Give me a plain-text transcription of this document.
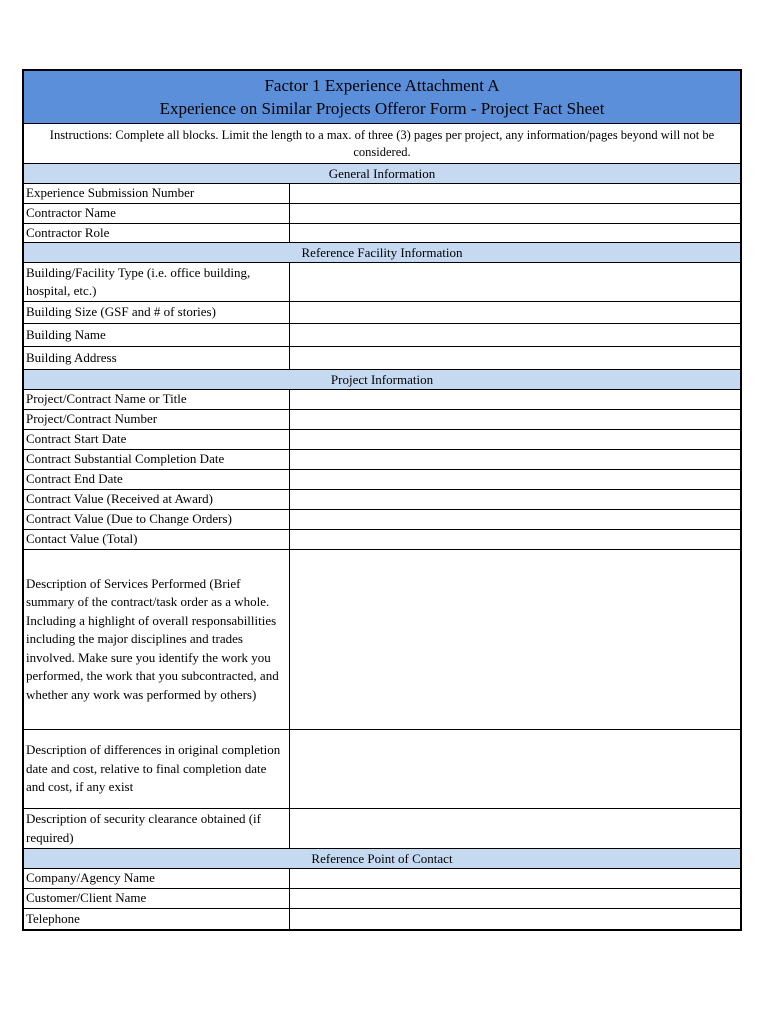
Factor 1 Experience Attachment A
Experience on Similar Projects Offeror Form - Project Fact Sheet
Instructions: Complete all blocks. Limit the length to a max. of three (3) pages per project, any information/pages beyond will not be considered.
General Information
Experience Submission Number
Contractor Name
Contractor Role
Reference Facility Information
Building/Facility Type (i.e. office building, hospital, etc.)
Building Size (GSF and # of stories)
Building Name
Building Address
Project Information
Project/Contract Name or Title
Project/Contract Number
Contract Start Date
Contract Substantial Completion Date
Contract End Date
Contract Value (Received at Award)
Contract Value (Due to Change Orders)
Contact Value (Total)
Description of Services Performed (Brief summary of the contract/task order as a whole. Including a highlight of overall responsabillities including the major disciplines and trades involved. Make sure you identify the work you performed, the work that you subcontracted, and whether any work was performed by others)
Description of differences in original completion date and cost, relative to final completion date and cost, if any exist
Description of security clearance obtained (if required)
Reference Point of Contact
Company/Agency Name
Customer/Client Name
Telephone
